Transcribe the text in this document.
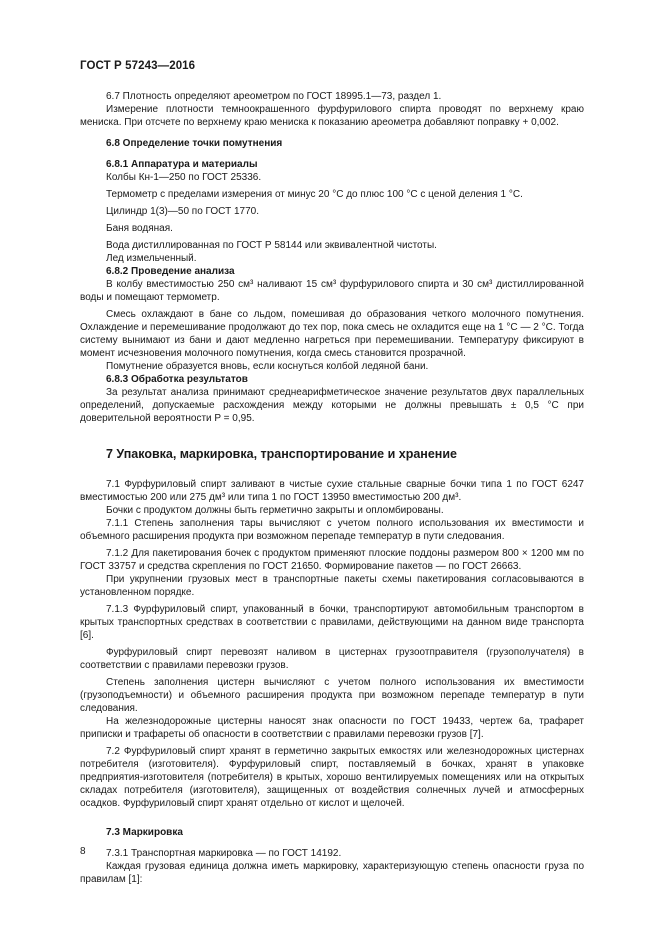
ГОСТ Р 57243—2016

6.7 Плотность определяют ареометром по ГОСТ 18995.1—73, раздел 1.

Измерение плотности темноокрашенного фурфурилового спирта проводят по верхнему краю мениска. При отсчете по верхнему краю мениска к показанию ареометра добавляют поправку + 0,002.

6.8 Определение точки помутнения

6.8.1 Аппаратура и материалы

Колбы Кн-1—250 по ГОСТ 25336.

Термометр с пределами измерения от минус 20 °С до плюс 100 °С с ценой деления 1 °С.

Цилиндр 1(3)—50 по ГОСТ 1770.

Баня водяная.

Вода дистиллированная по ГОСТ Р 58144 или эквивалентной чистоты.

Лед измельченный.

6.8.2 Проведение анализа

В колбу вместимостью 250 см³ наливают 15 см³ фурфурилового спирта и 30 см³ дистиллированной воды и помещают термометр.

Смесь охлаждают в бане со льдом, помешивая до образования четкого молочного помутнения. Охлаждение и перемешивание продолжают до тех пор, пока смесь не охладится еще на 1 °С — 2 °С. Тогда систему вынимают из бани и дают медленно нагреться при перемешивании. Температуру фиксируют в момент исчезновения молочного помутнения, когда смесь становится прозрачной.

Помутнение образуется вновь, если коснуться колбой ледяной бани.

6.8.3 Обработка результатов

За результат анализа принимают среднеарифметическое значение результатов двух параллельных определений, допускаемые расхождения между которыми не должны превышать ± 0,5 °С при доверительной вероятности P = 0,95.

7 Упаковка, маркировка, транспортирование и хранение

7.1 Фурфуриловый спирт заливают в чистые сухие стальные сварные бочки типа 1 по ГОСТ 6247 вместимостью 200 или 275 дм³ или типа 1 по ГОСТ 13950 вместимостью 200 дм³.

Бочки с продуктом должны быть герметично закрыты и опломбированы.

7.1.1 Степень заполнения тары вычисляют с учетом полного использования их вместимости и объемного расширения продукта при возможном перепаде температур в пути следования.

7.1.2 Для пакетирования бочек с продуктом применяют плоские поддоны размером 800 × 1200 мм по ГОСТ 33757 и средства скрепления по ГОСТ 21650. Формирование пакетов — по ГОСТ 26663.

При укрупнении грузовых мест в транспортные пакеты схемы пакетирования согласовываются в установленном порядке.

7.1.3 Фурфуриловый спирт, упакованный в бочки, транспортируют автомобильным транспортом в крытых транспортных средствах в соответствии с правилами, действующими на данном виде транспорта [6].

Фурфуриловый спирт перевозят наливом в цистернах грузоотправителя (грузополучателя) в соответствии с правилами перевозки грузов.

Степень заполнения цистерн вычисляют с учетом полного использования их вместимости (грузоподъемности) и объемного расширения продукта при возможном перепаде температур в пути следования.

На железнодорожные цистерны наносят знак опасности по ГОСТ 19433, чертеж 6а, трафарет приписки и трафареты об опасности в соответствии с правилами перевозки грузов [7].

7.2 Фурфуриловый спирт хранят в герметично закрытых емкостях или железнодорожных цистернах потребителя (изготовителя). Фурфуриловый спирт, поставляемый в бочках, хранят в упаковке предприятия-изготовителя (потребителя) в крытых, хорошо вентилируемых помещениях или на открытых складах потребителя (изготовителя), защищенных от воздействия солнечных лучей и атмосферных осадков. Фурфуриловый спирт хранят отдельно от кислот и щелочей.

7.3 Маркировка

7.3.1 Транспортная маркировка — по ГОСТ 14192.

Каждая грузовая единица должна иметь маркировку, характеризующую степень опасности груза по правилам [1]:

8
